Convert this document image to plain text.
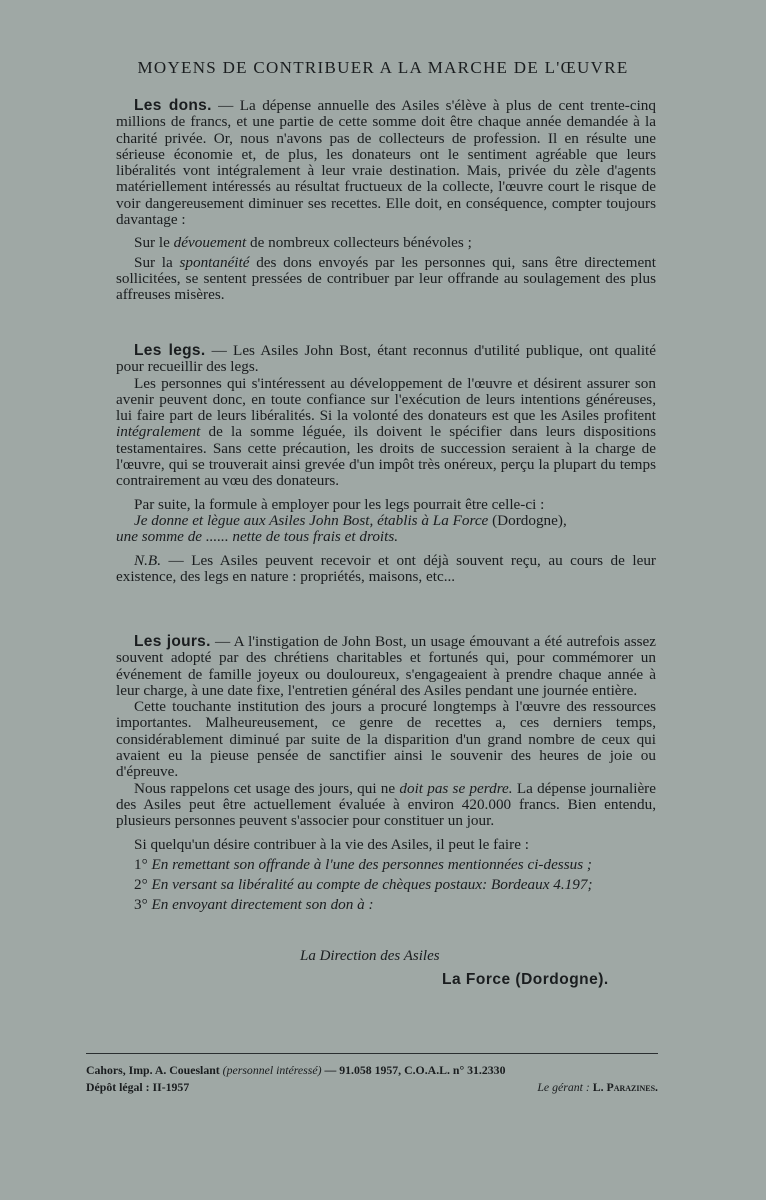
MOYENS DE CONTRIBUER A LA MARCHE DE L'ŒUVRE

Les dons. — La dépense annuelle des Asiles s'élève à plus de cent trente-cinq millions de francs, et une partie de cette somme doit être chaque année demandée à la charité privée. Or, nous n'avons pas de collecteurs de profession. Il en résulte une sérieuse économie et, de plus, les donateurs ont le sentiment agréable que leurs libéralités vont intégralement à leur vraie destination. Mais, privée du zèle d'agents matériellement intéressés au résultat fructueux de la collecte, l'œuvre court le risque de voir dangereusement diminuer ses recettes. Elle doit, en conséquence, compter toujours davantage :

Sur le dévouement de nombreux collecteurs bénévoles ;

Sur la spontanéité des dons envoyés par les personnes qui, sans être directement sollicitées, se sentent pressées de contribuer par leur offrande au soulagement des plus affreuses misères.

Les legs. — Les Asiles John Bost, étant reconnus d'utilité publique, ont qualité pour recueillir des legs.

Les personnes qui s'intéressent au développement de l'œuvre et désirent assurer son avenir peuvent donc, en toute confiance sur l'exécution de leurs intentions généreuses, lui faire part de leurs libéralités. Si la volonté des donateurs est que les Asiles profitent intégralement de la somme léguée, ils doivent le spécifier dans leurs dispositions testamentaires. Sans cette précaution, les droits de succession seraient à la charge de l'œuvre, qui se trouverait ainsi grevée d'un impôt très onéreux, perçu la plupart du temps contrairement au vœu des donateurs.

Par suite, la formule à employer pour les legs pourrait être celle-ci :

Je donne et lègue aux Asiles John Bost, établis à La Force (Dordogne),

une somme de ...... nette de tous frais et droits.

N.B. — Les Asiles peuvent recevoir et ont déjà souvent reçu, au cours de leur existence, des legs en nature : propriétés, maisons, etc...

Les jours. — A l'instigation de John Bost, un usage émouvant a été autrefois assez souvent adopté par des chrétiens charitables et fortunés qui, pour commémorer un événement de famille joyeux ou douloureux, s'engageaient à prendre chaque année à leur charge, à une date fixe, l'entretien général des Asiles pendant une journée entière.

Cette touchante institution des jours a procuré longtemps à l'œuvre des ressources importantes. Malheureusement, ce genre de recettes a, ces derniers temps, considérablement diminué par suite de la disparition d'un grand nombre de ceux qui avaient eu la pieuse pensée de sanctifier ainsi le souvenir des heures de joie ou d'épreuve.

Nous rappelons cet usage des jours, qui ne doit pas se perdre. La dépense journalière des Asiles peut être actuellement évaluée à environ 420.000 francs. Bien entendu, plusieurs personnes peuvent s'associer pour constituer un jour.

Si quelqu'un désire contribuer à la vie des Asiles, il peut le faire :

1° En remettant son offrande à l'une des personnes mentionnées ci-dessus ;

2° En versant sa libéralité au compte de chèques postaux: Bordeaux 4.197;

3° En envoyant directement son don à :

La Direction des Asiles
La Force (Dordogne).
Cahors, Imp. A. Coueslant (personnel intéressé) — 91.058 1957, C.O.A.L. n° 31.2330
Dépôt légal : II-1957	Le gérant : L. Parazines.
